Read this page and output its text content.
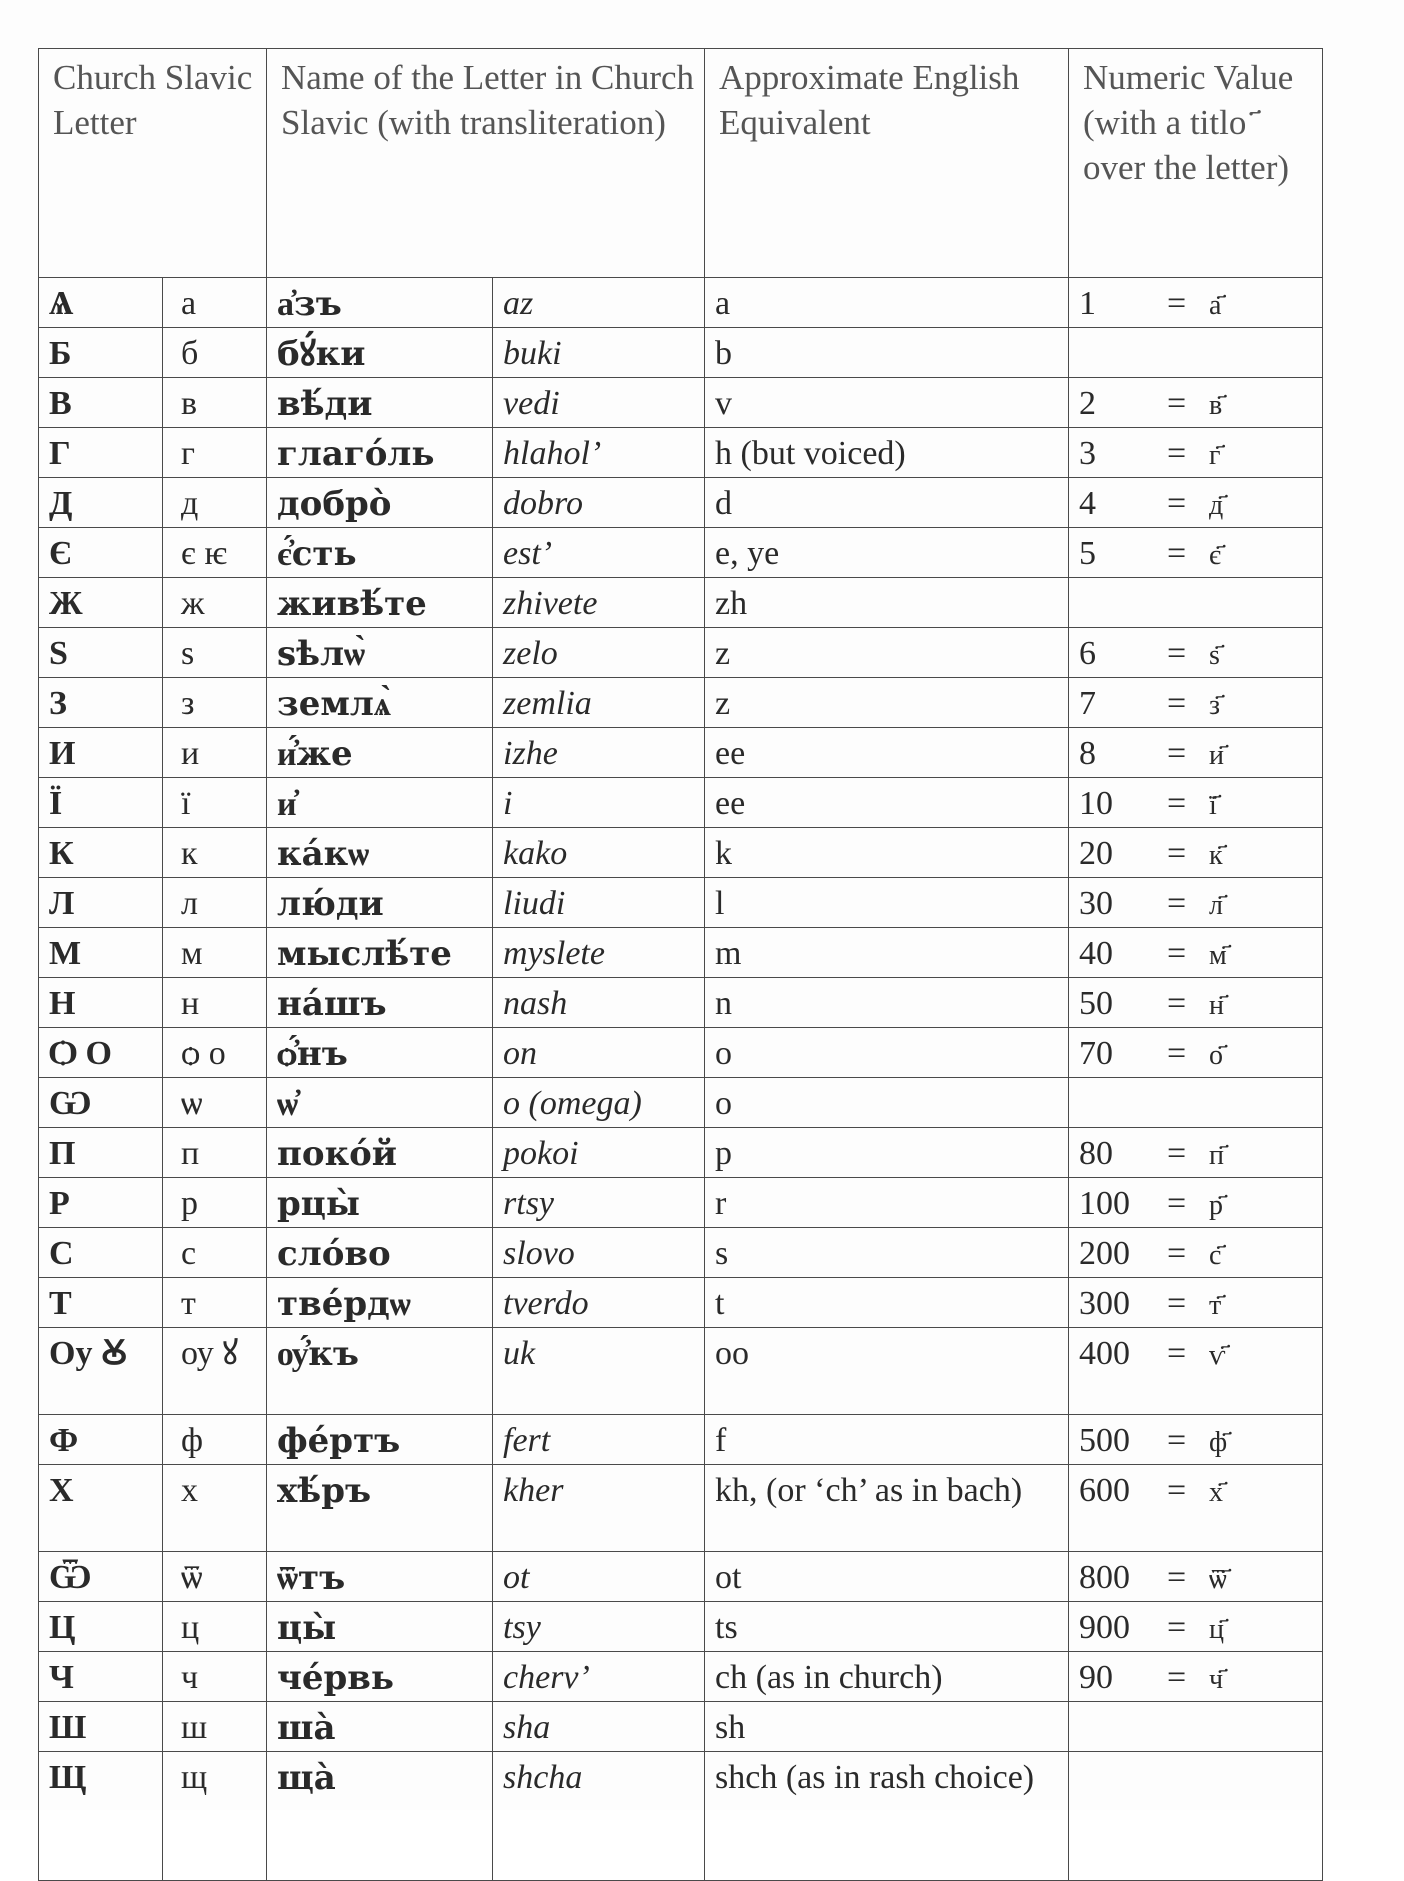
Church Slavic Letter		Name of the Letter in Church Slavic (with transliteration)		Approximate English Equivalent	Numeric Value (with a titlo ҃ over the letter)
Ѧ	а	а҆зъ	az	a	1 = а҃
Б	б	бꙋ́ки	buki	b	
В	в	вѣ́ди	vedi	v	2 = в҃
Г	г	глаго́ль	hlahol’	h (but voiced)	3 = г҃
Д	д	добро̀	dobro	d	4 = д҃
Є	є ѥ	є҆́сть	est’	e, ye	5 = є҃
Ж	ж	живѣ́те	zhivete	zh	
Ѕ	ѕ	ѕѣлѡ̀	zelo	z	6 = ѕ҃
З	з	землѧ̀	zemlia	z	7 = з҃
И	и	и҆́же	izhe	ee	8 = и҃
Ї	ї	и҆	i	ee	10 = ї҃
К	к	ка́кѡ	kako	k	20 = к҃
Л	л	лю́ди	liudi	l	30 = л҃
М	м	мыслѣ́те	myslete	m	40 = м҃
Н	н	на́шъ	nash	n	50 = н҃
Ѻ О	ѻ о	ѻ҆́нъ	on	o	70 = о҃
Ѡ	ѡ	ѡ҆	o (omega)	o	
П	п	поко́й	pokoi	p	80 = п҃
Р	р	рцы̀	rtsy	r	100 = р҃
С	с	сло́во	slovo	s	200 = с҃
Т	т	тве́рдѡ	tverdo	t	300 = т҃
Оу Ꙋ	оу ꙋ	ѹ҆́къ	uk	oo	400 = ѵ҃
Ф	ф	фе́ртъ	fert	f	500 = ф҃
Х	х	хѣ́ръ	kher	kh, (or ‘ch’ as in bach)	600 = х҃
Ѿ	ѿ	ѿтъ	ot	ot	800 = ѿ҃
Ц	ц	цы̀	tsy	ts	900 = ц҃
Ч	ч	че́рвь	cherv’	ch (as in church)	90 = ч҃
Ш	ш	ша̀	sha	sh	
Щ	щ	ща̀	shcha	shch (as in rash choice)	
